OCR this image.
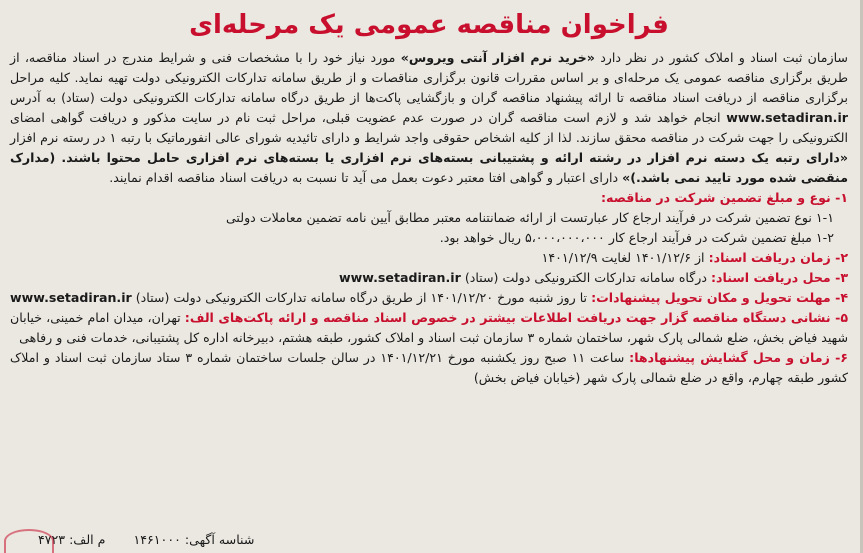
فراخوان مناقصه عمومی یک مرحله‌ای

سازمان ثبت اسناد و املاک کشور در نظر دارد «خرید نرم افزار آنتی ویروس» مورد نیاز خود را با مشخصات فنی و شرایط مندرج در اسناد مناقصه، از طریق برگزاری مناقصه عمومی یک مرحله‌ای و بر اساس مقررات قانون برگزاری مناقصات و از طریق سامانه تدارکات الکترونیکی دولت تهیه نماید. کلیه مراحل برگزاری مناقصه از دریافت اسناد مناقصه تا ارائه پیشنهاد مناقصه گران و بازگشایی پاکت‌ها از طریق درگاه سامانه تدارکات الکترونیکی دولت (ستاد) به آدرس www.setadiran.ir انجام خواهد شد و لازم است مناقصه گران در صورت عدم عضویت قبلی، مراحل ثبت نام در سایت مذکور و دریافت گواهی امضای الکترونیکی را جهت شرکت در مناقصه محقق سازند. لذا از کلیه اشخاص حقوقی واجد شرایط و دارای تائیدیه شورای عالی انفورماتیک با رتبه ۱ در رسته نرم افزار «دارای رتبه یک دسته نرم افزار در رشته ارائه و پشتیبانی بسته‌های نرم افزاری یا بسته‌های نرم افزاری حامل محتوا باشند. (مدارک منقضی شده مورد تایید نمی باشد.)» دارای اعتبار و گواهی افتا معتبر دعوت بعمل می آید تا نسبت به دریافت اسناد مناقصه اقدام نمایند.

۱- نوع و مبلغ تضمین شرکت در مناقصه:

۱-۱ نوع تضمین شرکت در فرآیند ارجاع کار عبارتست از ارائه ضمانتنامه معتبر مطابق آیین نامه تضمین معاملات دولتی

۱-۲ مبلغ تضمین شرکت در فرآیند ارجاع کار ۵،۰۰۰،۰۰۰،۰۰۰ ریال خواهد بود.

۲- زمان دریافت اسناد: از ۱۴۰۱/۱۲/۶ لغایت ۱۴۰۱/۱۲/۹

۳- محل دریافت اسناد: درگاه سامانه تدارکات الکترونیکی دولت (ستاد) www.setadiran.ir

۴- مهلت تحویل و مکان تحویل پیشنهادات: تا روز شنبه مورخ ۱۴۰۱/۱۲/۲۰ از طریق درگاه سامانه تدارکات الکترونیکی دولت (ستاد) www.setadiran.ir

۵- نشانی دستگاه مناقصه گزار جهت دریافت اطلاعات بیشتر در خصوص اسناد مناقصه و ارائه پاکت‌های الف: تهران، میدان امام خمینی، خیابان شهید فیاض بخش، ضلع شمالی پارک شهر، ساختمان شماره ۳ سازمان ثبت اسناد و املاک کشور، طبقه هشتم، دبیرخانه اداره کل پشتیبانی، خدمات فنی و رفاهی

۶- زمان و محل گشایش پیشنهادها: ساعت ۱۱ صبح روز یکشنبه مورخ ۱۴۰۱/۱۲/۲۱ در سالن جلسات ساختمان شماره ۳ ستاد سازمان ثبت اسناد و املاک کشور طبقه چهارم، واقع در ضلع شمالی پارک شهر (خیابان فیاض بخش)

شناسه آگهی: ۱۴۶۱۰۰۰ م الف: ۴۷۲۳
